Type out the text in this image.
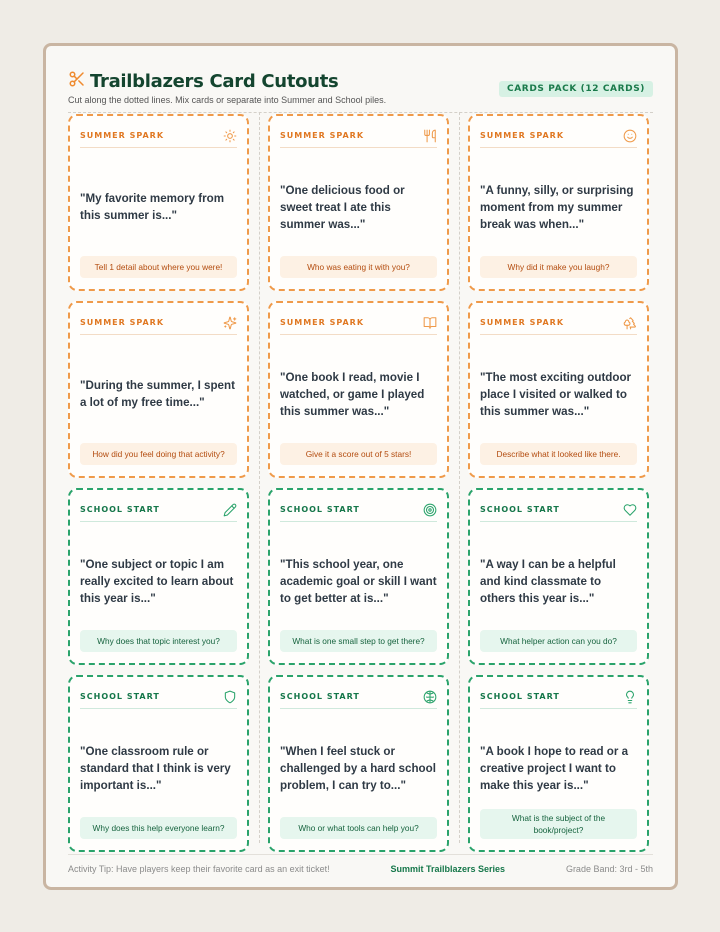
Trailblazers Card Cutouts
Cut along the dotted lines. Mix cards or separate into Summer and School piles.
CARDS PACK (12 CARDS)
SUMMER SPARK
"My favorite memory from this summer is..."
Tell 1 detail about where you were!
SUMMER SPARK
"One delicious food or sweet treat I ate this summer was..."
Who was eating it with you?
SUMMER SPARK
"A funny, silly, or surprising moment from my summer break was when..."
Why did it make you laugh?
SUMMER SPARK
"During the summer, I spent a lot of my free time..."
How did you feel doing that activity?
SUMMER SPARK
"One book I read, movie I watched, or game I played this summer was..."
Give it a score out of 5 stars!
SUMMER SPARK
"The most exciting outdoor place I visited or walked to this summer was..."
Describe what it looked like there.
SCHOOL START
"One subject or topic I am really excited to learn about this year is..."
Why does that topic interest you?
SCHOOL START
"This school year, one academic goal or skill I want to get better at is..."
What is one small step to get there?
SCHOOL START
"A way I can be a helpful and kind classmate to others this year is..."
What helper action can you do?
SCHOOL START
"One classroom rule or standard that I think is very important is..."
Why does this help everyone learn?
SCHOOL START
"When I feel stuck or challenged by a hard school problem, I can try to..."
Who or what tools can help you?
SCHOOL START
"A book I hope to read or a creative project I want to make this year is..."
What is the subject of the book/project?
Activity Tip: Have players keep their favorite card as an exit ticket!	Summit Trailblazers Series	Grade Band: 3rd - 5th
